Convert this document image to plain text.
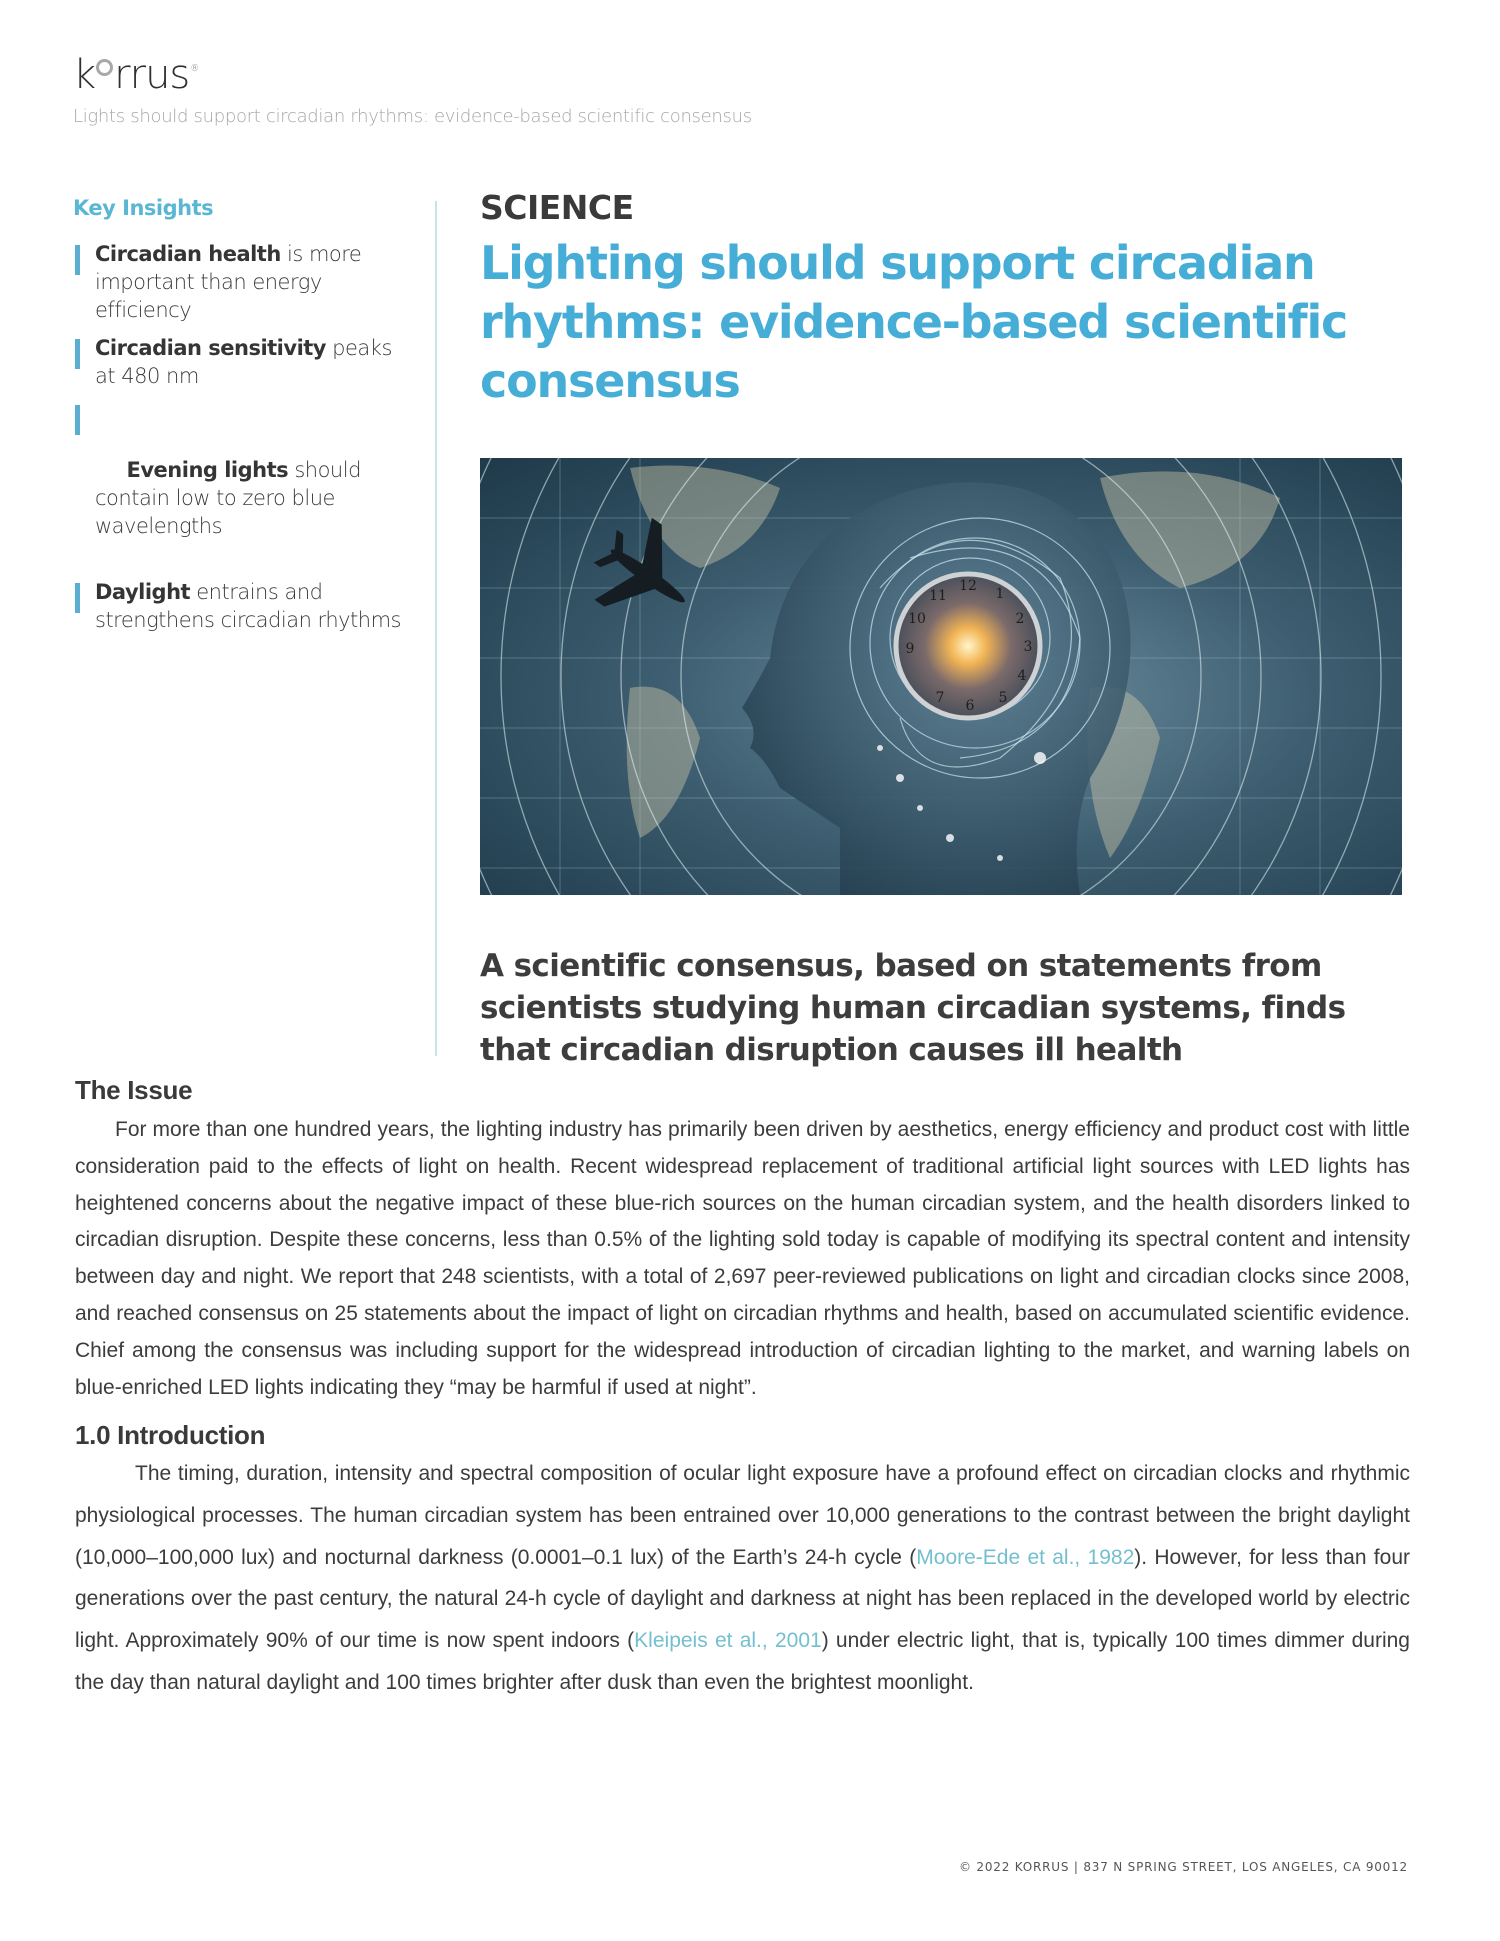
k rrus®
Lights should support circadian rhythms: evidence-based scientific consensus
Key Insights
Circadian health is more important than energy efficiency
Circadian sensitivity peaks at 480 nm

Evening lights should contain low to zero blue wavelengths

Daylight entrains and strengthens circadian rhythms
SCIENCE
Lighting should support circadian rhythms: evidence-based scientific consensus
12 1
2
3
4
5
6
7
9
10
11
A scientific consensus, based on statements from scientists studying human circadian systems, finds that circadian disruption causes ill health
The Issue

For more than one hundred years, the lighting industry has primarily been driven by aesthetics, energy efficiency and product cost with little consideration paid to the effects of light on health. Recent widespread replacement of traditional artificial light sources with LED lights has heightened concerns about the negative impact of these blue-rich sources on the human circadian system, and the health disorders linked to circadian disruption. Despite these concerns, less than 0.5% of the lighting sold today is capable of modifying its spectral content and intensity between day and night. We report that 248 scientists, with a total of 2,697 peer-reviewed publications on light and circadian clocks since 2008, and reached consensus on 25 statements about the impact of light on circadian rhythms and health, based on accumulated scientific evidence. Chief among the consensus was including support for the widespread introduction of circadian lighting to the market, and warning labels on blue-enriched LED lights indicating they “may be harmful if used at night”.

1.0 Introduction

The timing, duration, intensity and spectral composition of ocular light exposure have a profound effect on circadian clocks and rhythmic physiological processes. The human circadian system has been entrained over 10,000 generations to the contrast between the bright daylight (10,000–100,000 lux) and nocturnal darkness (0.0001–0.1 lux) of the Earth’s 24-h cycle (Moore-Ede et al., 1982). However, for less than four generations over the past century, the natural 24-h cycle of daylight and darkness at night has been replaced in the developed world by electric light. Approximately 90% of our time is now spent indoors (Kleipeis et al., 2001) under electric light, that is, typically 100 times dimmer during the day than natural daylight and 100 times brighter after dusk than even the brightest moonlight.

© 2022 KORRUS | 837 N SPRING STREET, LOS ANGELES, CA 90012
